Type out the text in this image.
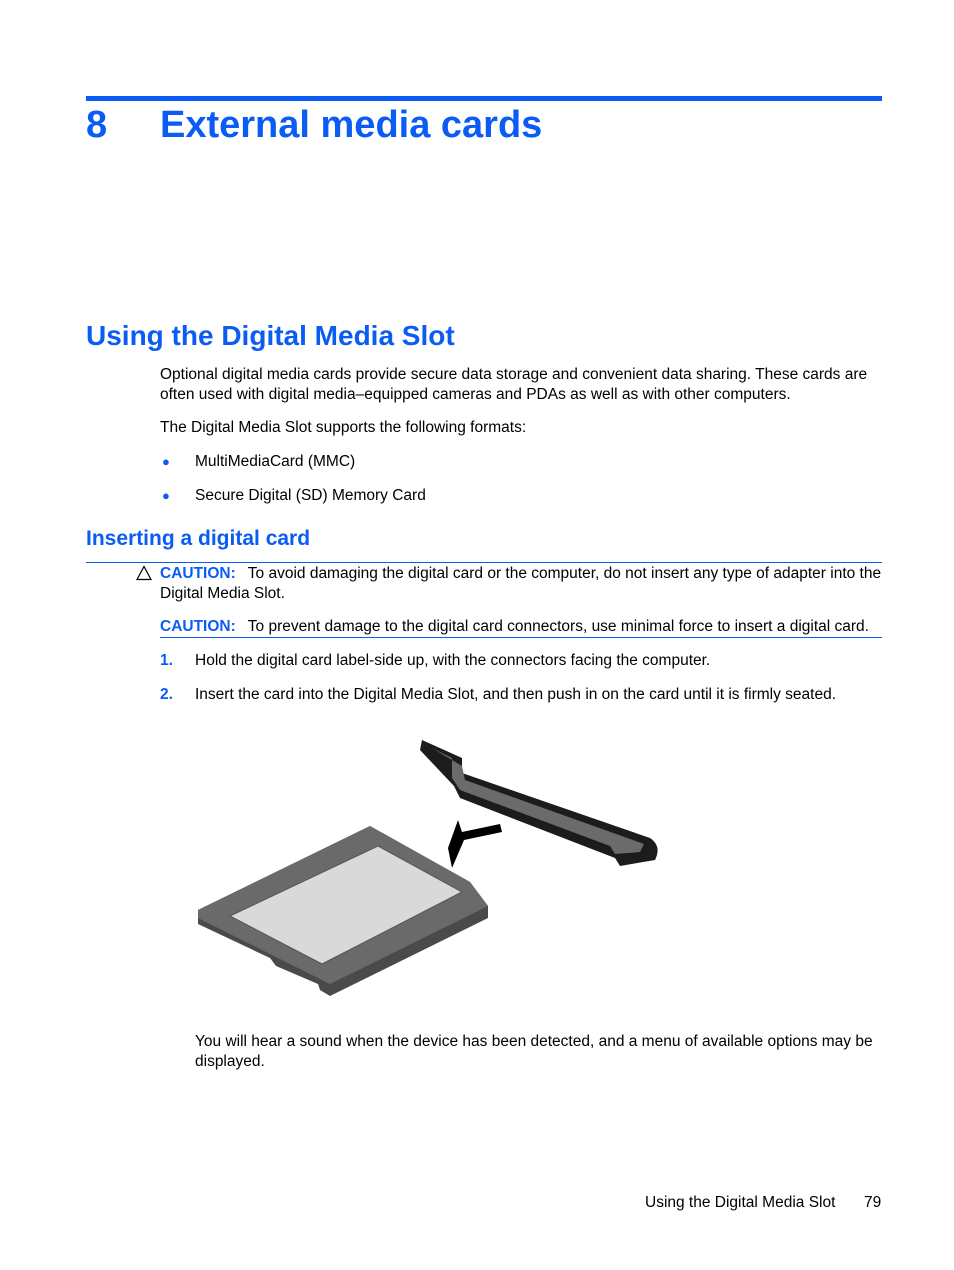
8 External media cards
Using the Digital Media Slot
Optional digital media cards provide secure data storage and convenient data sharing. These cards are often used with digital media–equipped cameras and PDAs as well as with other computers.
The Digital Media Slot supports the following formats:
● MultiMediaCard (MMC)
● Secure Digital (SD) Memory Card
Inserting a digital card
CAUTION: To avoid damaging the digital card or the computer, do not insert any type of adapter into the Digital Media Slot.
CAUTION: To prevent damage to the digital card connectors, use minimal force to insert a digital card.
1. Hold the digital card label-side up, with the connectors facing the computer.
2. Insert the card into the Digital Media Slot, and then push in on the card until it is firmly seated.
You will hear a sound when the device has been detected, and a menu of available options may be displayed.
Using the Digital Media Slot 79
